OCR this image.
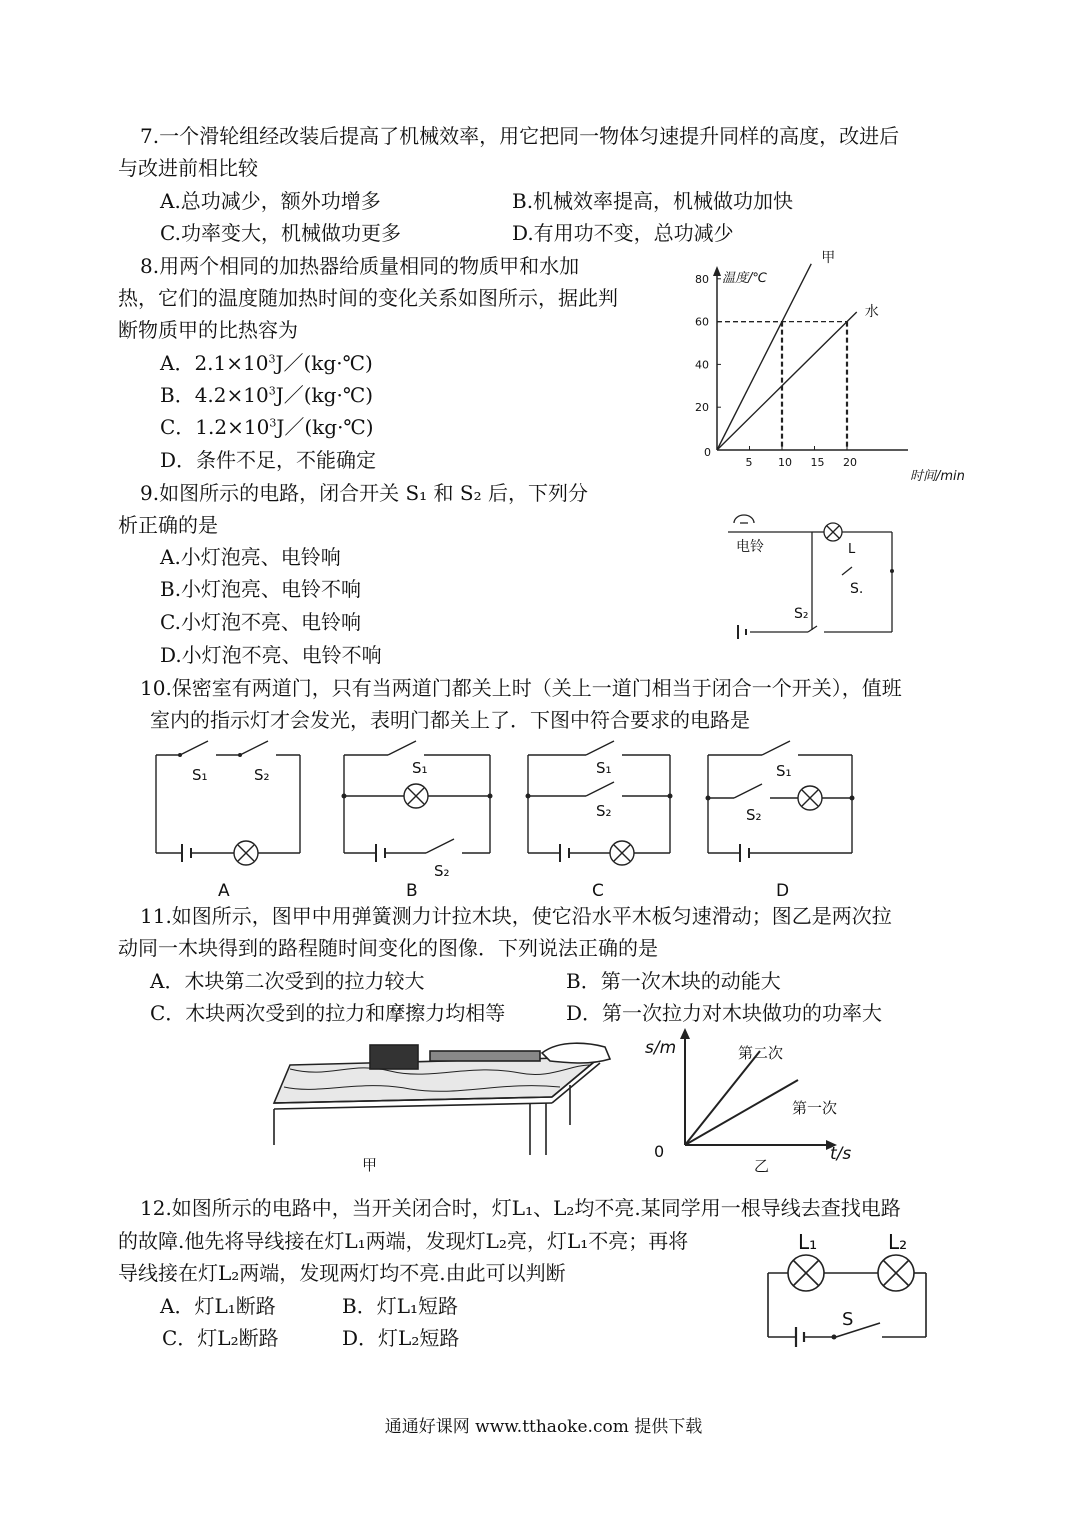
7.一个滑轮组经改装后提高了机械效率，用它把同一物体匀速提升同样的高度，改进后
与改进前相比较
A.总功减少，额外功增多	B.机械效率提高，机械做功加快
C.功率变大，机械做功更多	D.有用功不变，总功减少
8.用两个相同的加热器给质量相同的物质甲和水加
热，它们的温度随加热时间的变化关系如图所示，据此判
断物质甲的比热容为
A．$2.1\times 10^3J/(kg\cdot℃)$
B．$4.2\times 10^3J/(kg\cdot℃)$
C．$1.2\times 10^3J/(kg\cdot℃)$
D．条件不足，不能确定
温度/℃
时间/min
0
5 10 15 20
20
40
60
80
甲
水
9.如图所示的电路，闭合开关 S₁ 和 S₂ 后，下列分
析正确的是
A.小灯泡亮、电铃响
B.小灯泡亮、电铃不响
C.小灯泡不亮、电铃响
D.小灯泡不亮、电铃不响
电铃	L
S.
S₂
10.保密室有两道门，只有当两道门都关上时（关上一道门相当于闭合一个开关），值班
室内的指示灯才会发光，表明门都关上了．下图中符合要求的电路是
S₁	S₂	S₁
S₂
S₁
S₂
S₁
S₂
A	B	C	D
11.如图所示，图甲中用弹簧测力计拉木块，使它沿水平木板匀速滑动；图乙是两次拉
动同一木块得到的路程随时间变化的图像．下列说法正确的是
A．木块第二次受到的拉力较大	B．第一次木块的动能大
C．木块两次受到的拉力和摩擦力均相等	D．第一次拉力对木块做功的功率大
甲
s/m
t/s
0
第二次
第一次
乙
12.如图所示的电路中，当开关闭合时，灯L₁、L₂均不亮.某同学用一根导线去查找电路
的故障.他先将导线接在灯L₁两端，发现灯L₂亮，灯L₁不亮；再将
导线接在灯L₂两端，发现两灯均不亮.由此可以判断
A．灯L₁断路	B．灯L₁短路
C．灯L₂断路	D．灯L₂短路
L₁	L₂
S
通通好课网 www.tthaoke.com 提供下载
